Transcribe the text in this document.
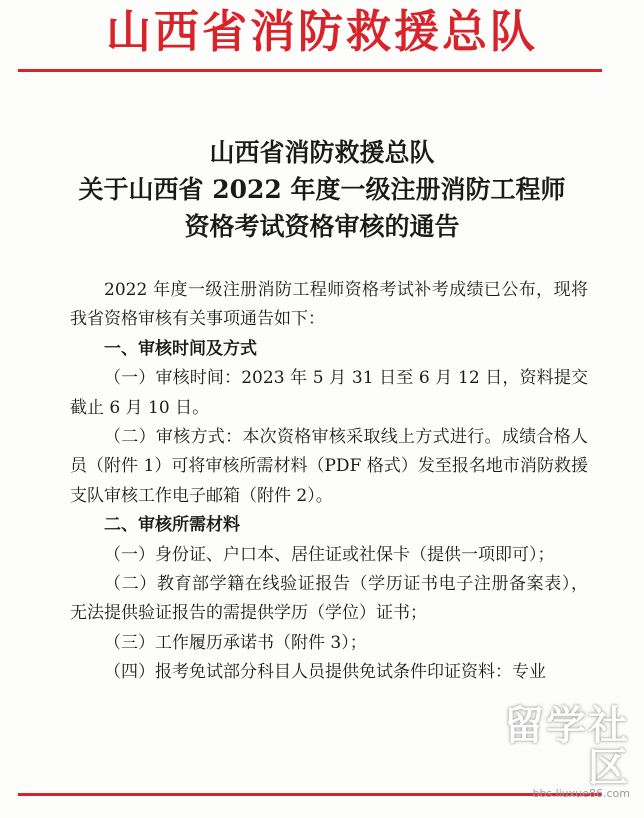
山西省消防救援总队
山西省消防救援总队
关于山西省 2022 年度一级注册消防工程师
资格考试资格审核的通告

2022 年度一级注册消防工程师资格考试补考成绩已公布，现将我省资格审核有关事项通告如下：

一、审核时间及方式

（一）审核时间：2023 年 5 月 31 日至 6 月 12 日，资料提交截止 6 月 10 日。

（二）审核方式：本次资格审核采取线上方式进行。成绩合格人员（附件 1）可将审核所需材料（PDF 格式）发至报名地市消防救援支队审核工作电子邮箱（附件 2）。

二、审核所需材料

（一）身份证、户口本、居住证或社保卡（提供一项即可）；

（二）教育部学籍在线验证报告（学历证书电子注册备案表），无法提供验证报告的需提供学历（学位）证书；

（三）工作履历承诺书（附件 3）；

（四）报考免试部分科目人员提供免试条件印证资料：专业

留学社区
bbs.liuxue86.com
